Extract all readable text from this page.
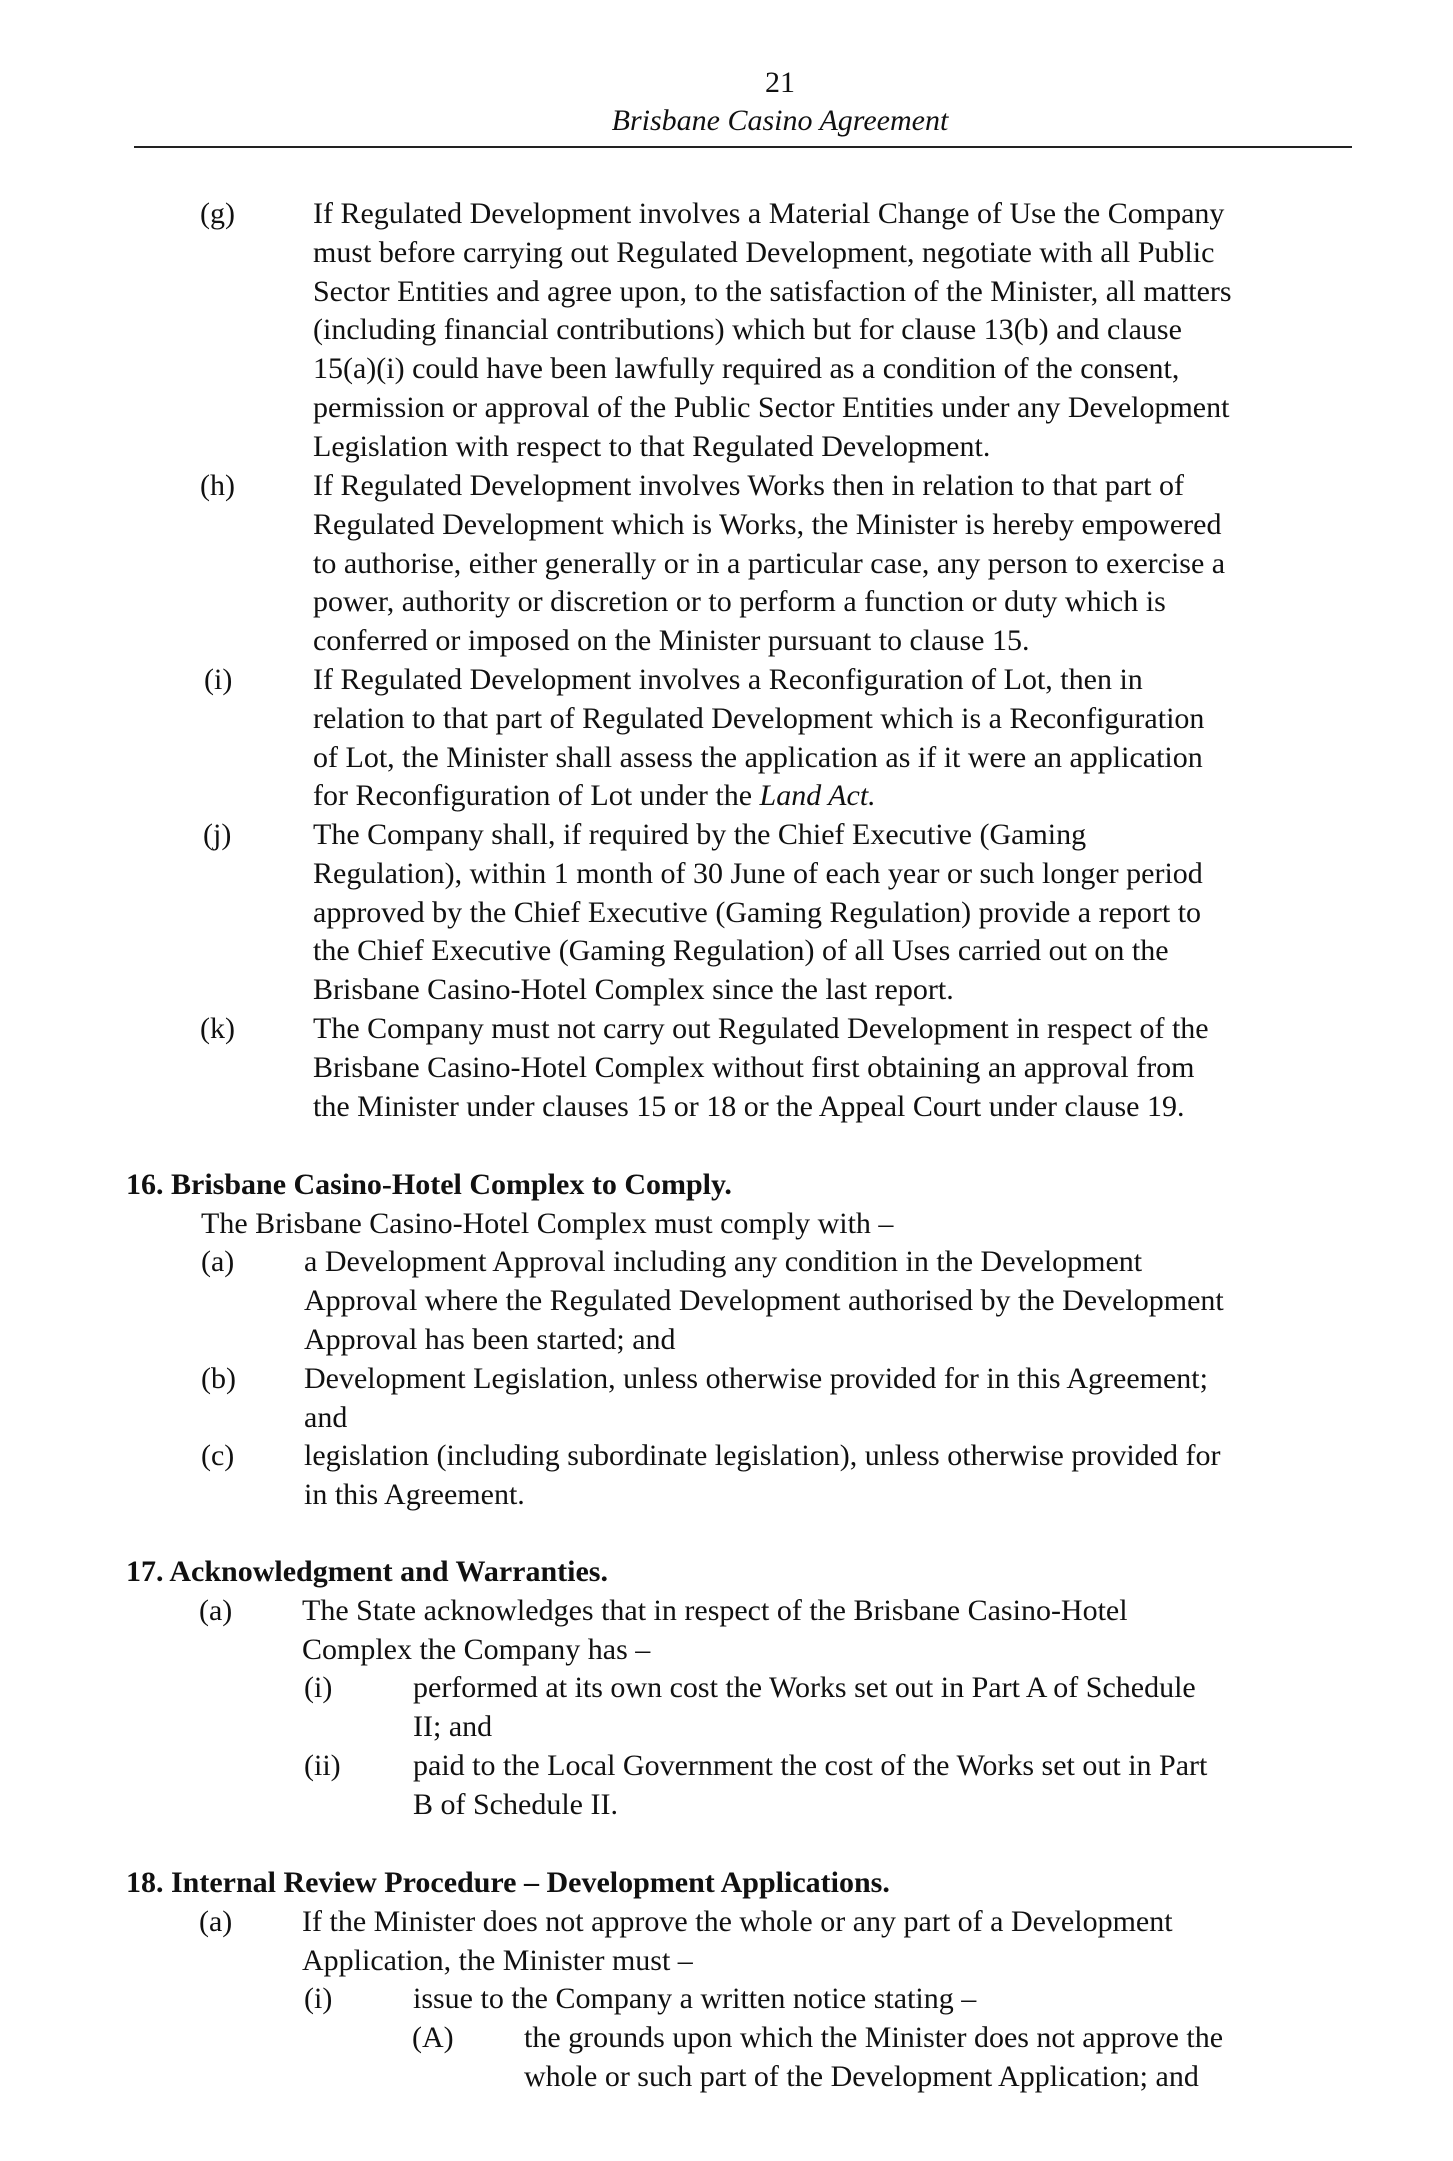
21
Brisbane Casino Agreement
(g)	If Regulated Development involves a Material Change of Use the Company
must before carrying out Regulated Development, negotiate with all Public
Sector Entities and agree upon, to the satisfaction of the Minister, all matters
(including financial contributions) which but for clause 13(b) and clause
15(a)(i) could have been lawfully required as a condition of the consent,
permission or approval of the Public Sector Entities under any Development
Legislation with respect to that Regulated Development.
(h)	If Regulated Development involves Works then in relation to that part of
Regulated Development which is Works, the Minister is hereby empowered
to authorise, either generally or in a particular case, any person to exercise a
power, authority or discretion or to perform a function or duty which is
conferred or imposed on the Minister pursuant to clause 15.
(i)	If Regulated Development involves a Reconfiguration of Lot, then in
relation to that part of Regulated Development which is a Reconfiguration
of Lot, the Minister shall assess the application as if it were an application
for Reconfiguration of Lot under the Land Act.
(j)	The Company shall, if required by the Chief Executive (Gaming
Regulation), within 1 month of 30 June of each year or such longer period
approved by the Chief Executive (Gaming Regulation) provide a report to
the Chief Executive (Gaming Regulation) of all Uses carried out on the
Brisbane Casino-Hotel Complex since the last report.
(k)	The Company must not carry out Regulated Development in respect of the
Brisbane Casino-Hotel Complex without first obtaining an approval from
the Minister under clauses 15 or 18 or the Appeal Court under clause 19.
16. Brisbane Casino-Hotel Complex to Comply.
The Brisbane Casino-Hotel Complex must comply with –
(a) a Development Approval including any condition in the Development
Approval where the Regulated Development authorised by the Development
Approval has been started; and
(b) Development Legislation, unless otherwise provided for in this Agreement;
and
(c) legislation (including subordinate legislation), unless otherwise provided for
in this Agreement.
17. Acknowledgment and Warranties.
(a) The State acknowledges that in respect of the Brisbane Casino-Hotel
Complex the Company has –
(i)	performed at its own cost the Works set out in Part A of Schedule
II; and
(ii) paid to the Local Government the cost of the Works set out in Part
B of Schedule II.
18. Internal Review Procedure – Development Applications.
(a) If the Minister does not approve the whole or any part of a Development
Application, the Minister must –
(i)	issue to the Company a written notice stating –
(A) the grounds upon which the Minister does not approve the
whole or such part of the Development Application; and
